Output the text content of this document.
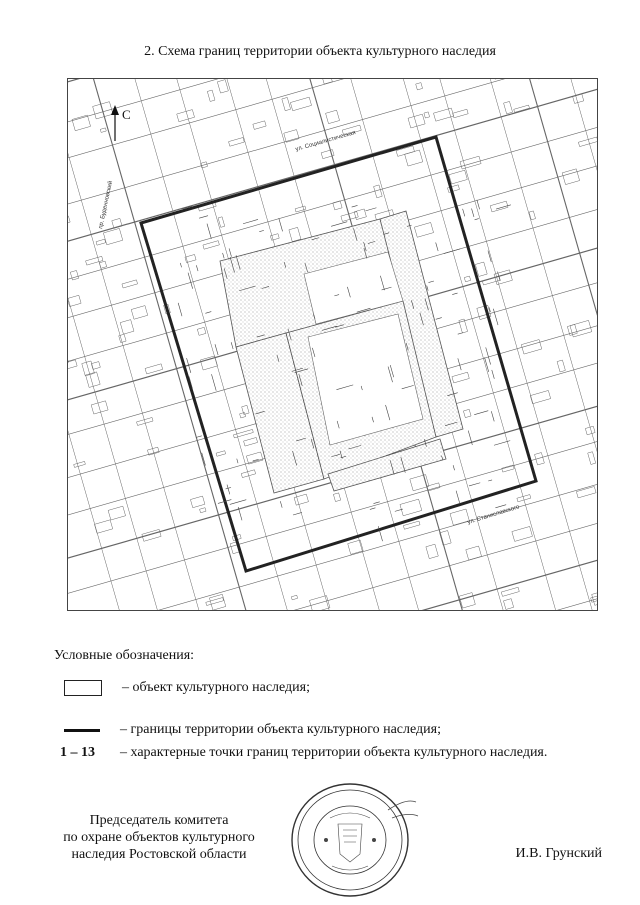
2. Схема границ территории объекта культурного наследия
С
пр. Буденновский
ул. Социалистическая
ул. Станиславского
Условные обозначения:
– объект культурного наследия;
– границы территории объекта культурного наследия;
1 – 13	– характерные точки границ территории объекта культурного наследия.
Председатель комитета
по охране объектов культурного
наследия Ростовской области	И.В. Грунский
